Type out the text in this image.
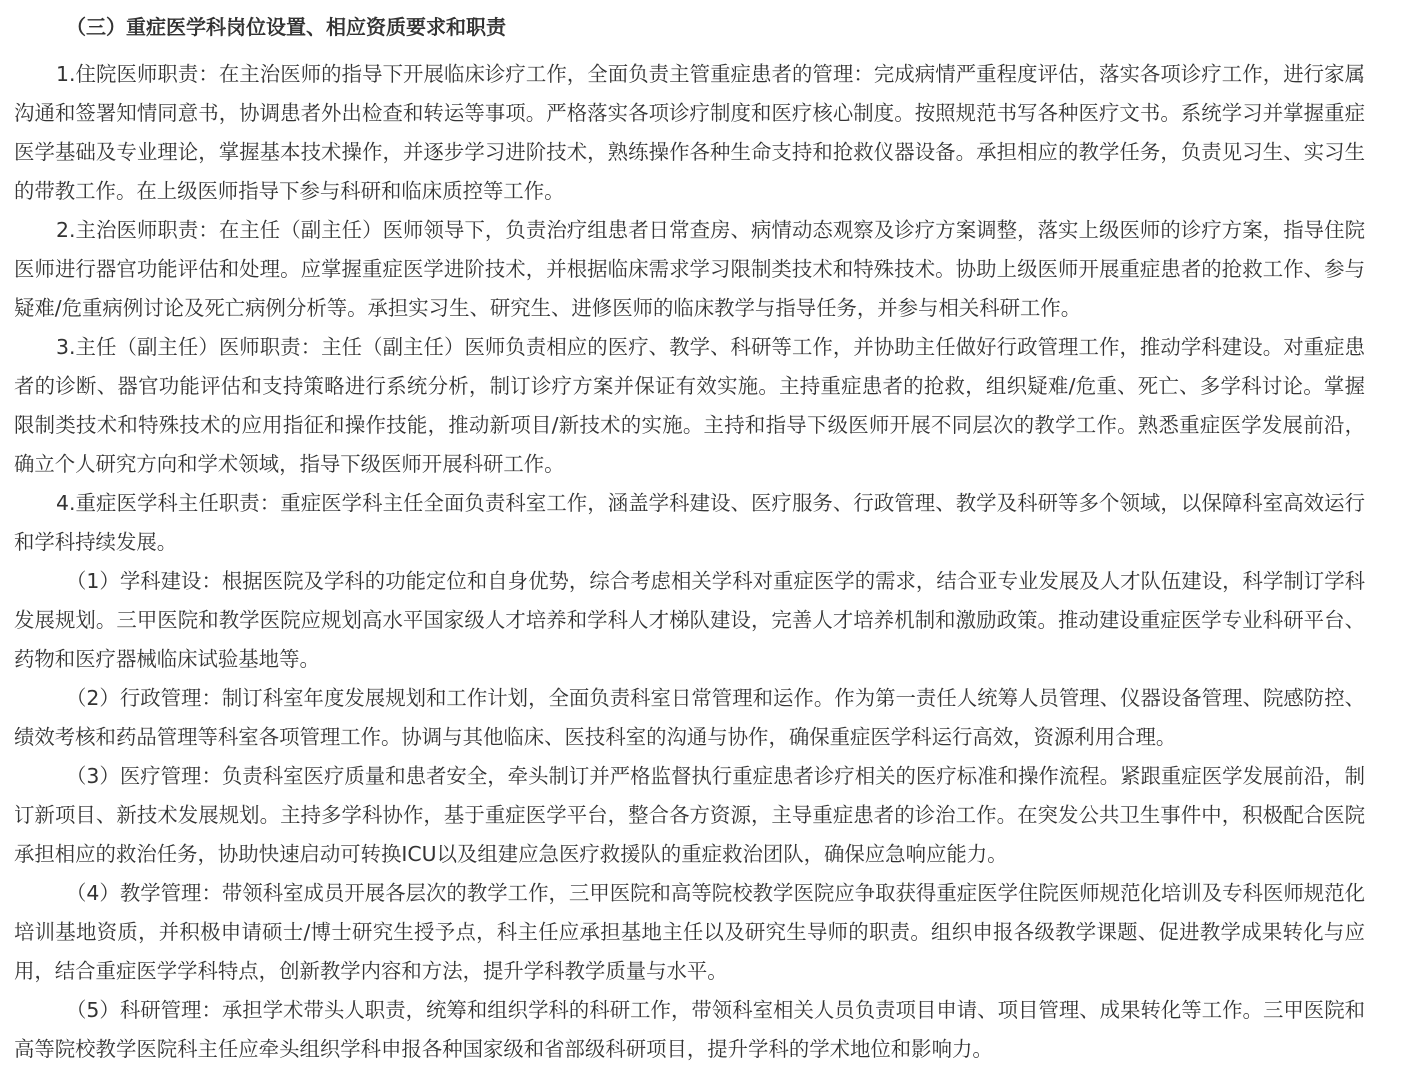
（三）重症医学科岗位设置、相应资质要求和职责

1.住院医师职责：在主治医师的指导下开展临床诊疗工作，全面负责主管重症患者的管理：完成病情严重程度评估，落实各项诊疗工作，进行家属沟通和签署知情同意书，协调患者外出检查和转运等事项。严格落实各项诊疗制度和医疗核心制度。按照规范书写各种医疗文书。系统学习并掌握重症医学基础及专业理论，掌握基本技术操作，并逐步学习进阶技术，熟练操作各种生命支持和抢救仪器设备。承担相应的教学任务，负责见习生、实习生的带教工作。在上级医师指导下参与科研和临床质控等工作。

2.主治医师职责：在主任（副主任）医师领导下，负责治疗组患者日常查房、病情动态观察及诊疗方案调整，落实上级医师的诊疗方案，指导住院医师进行器官功能评估和处理。应掌握重症医学进阶技术，并根据临床需求学习限制类技术和特殊技术。协助上级医师开展重症患者的抢救工作、参与疑难/危重病例讨论及死亡病例分析等。承担实习生、研究生、进修医师的临床教学与指导任务，并参与相关科研工作。

3.主任（副主任）医师职责：主任（副主任）医师负责相应的医疗、教学、科研等工作，并协助主任做好行政管理工作，推动学科建设。对重症患者的诊断、器官功能评估和支持策略进行系统分析，制订诊疗方案并保证有效实施。主持重症患者的抢救，组织疑难/危重、死亡、多学科讨论。掌握限制类技术和特殊技术的应用指征和操作技能，推动新项目/新技术的实施。主持和指导下级医师开展不同层次的教学工作。熟悉重症医学发展前沿，确立个人研究方向和学术领域，指导下级医师开展科研工作。

4.重症医学科主任职责：重症医学科主任全面负责科室工作，涵盖学科建设、医疗服务、行政管理、教学及科研等多个领域，以保障科室高效运行和学科持续发展。

（1）学科建设：根据医院及学科的功能定位和自身优势，综合考虑相关学科对重症医学的需求，结合亚专业发展及人才队伍建设，科学制订学科发展规划。三甲医院和教学医院应规划高水平国家级人才培养和学科人才梯队建设，完善人才培养机制和激励政策。推动建设重症医学专业科研平台、药物和医疗器械临床试验基地等。

（2）行政管理：制订科室年度发展规划和工作计划，全面负责科室日常管理和运作。作为第一责任人统筹人员管理、仪器设备管理、院感防控、绩效考核和药品管理等科室各项管理工作。协调与其他临床、医技科室的沟通与协作，确保重症医学科运行高效，资源利用合理。

（3）医疗管理：负责科室医疗质量和患者安全，牵头制订并严格监督执行重症患者诊疗相关的医疗标准和操作流程。紧跟重症医学发展前沿，制订新项目、新技术发展规划。主持多学科协作，基于重症医学平台，整合各方资源，主导重症患者的诊治工作。在突发公共卫生事件中，积极配合医院承担相应的救治任务，协助快速启动可转换ICU以及组建应急医疗救援队的重症救治团队，确保应急响应能力。

（4）教学管理：带领科室成员开展各层次的教学工作，三甲医院和高等院校教学医院应争取获得重症医学住院医师规范化培训及专科医师规范化培训基地资质，并积极申请硕士/博士研究生授予点，科主任应承担基地主任以及研究生导师的职责。组织申报各级教学课题、促进教学成果转化与应用，结合重症医学学科特点，创新教学内容和方法，提升学科教学质量与水平。

（5）科研管理：承担学术带头人职责，统筹和组织学科的科研工作，带领科室相关人员负责项目申请、项目管理、成果转化等工作。三甲医院和高等院校教学医院科主任应牵头组织学科申报各种国家级和省部级科研项目，提升学科的学术地位和影响力。
